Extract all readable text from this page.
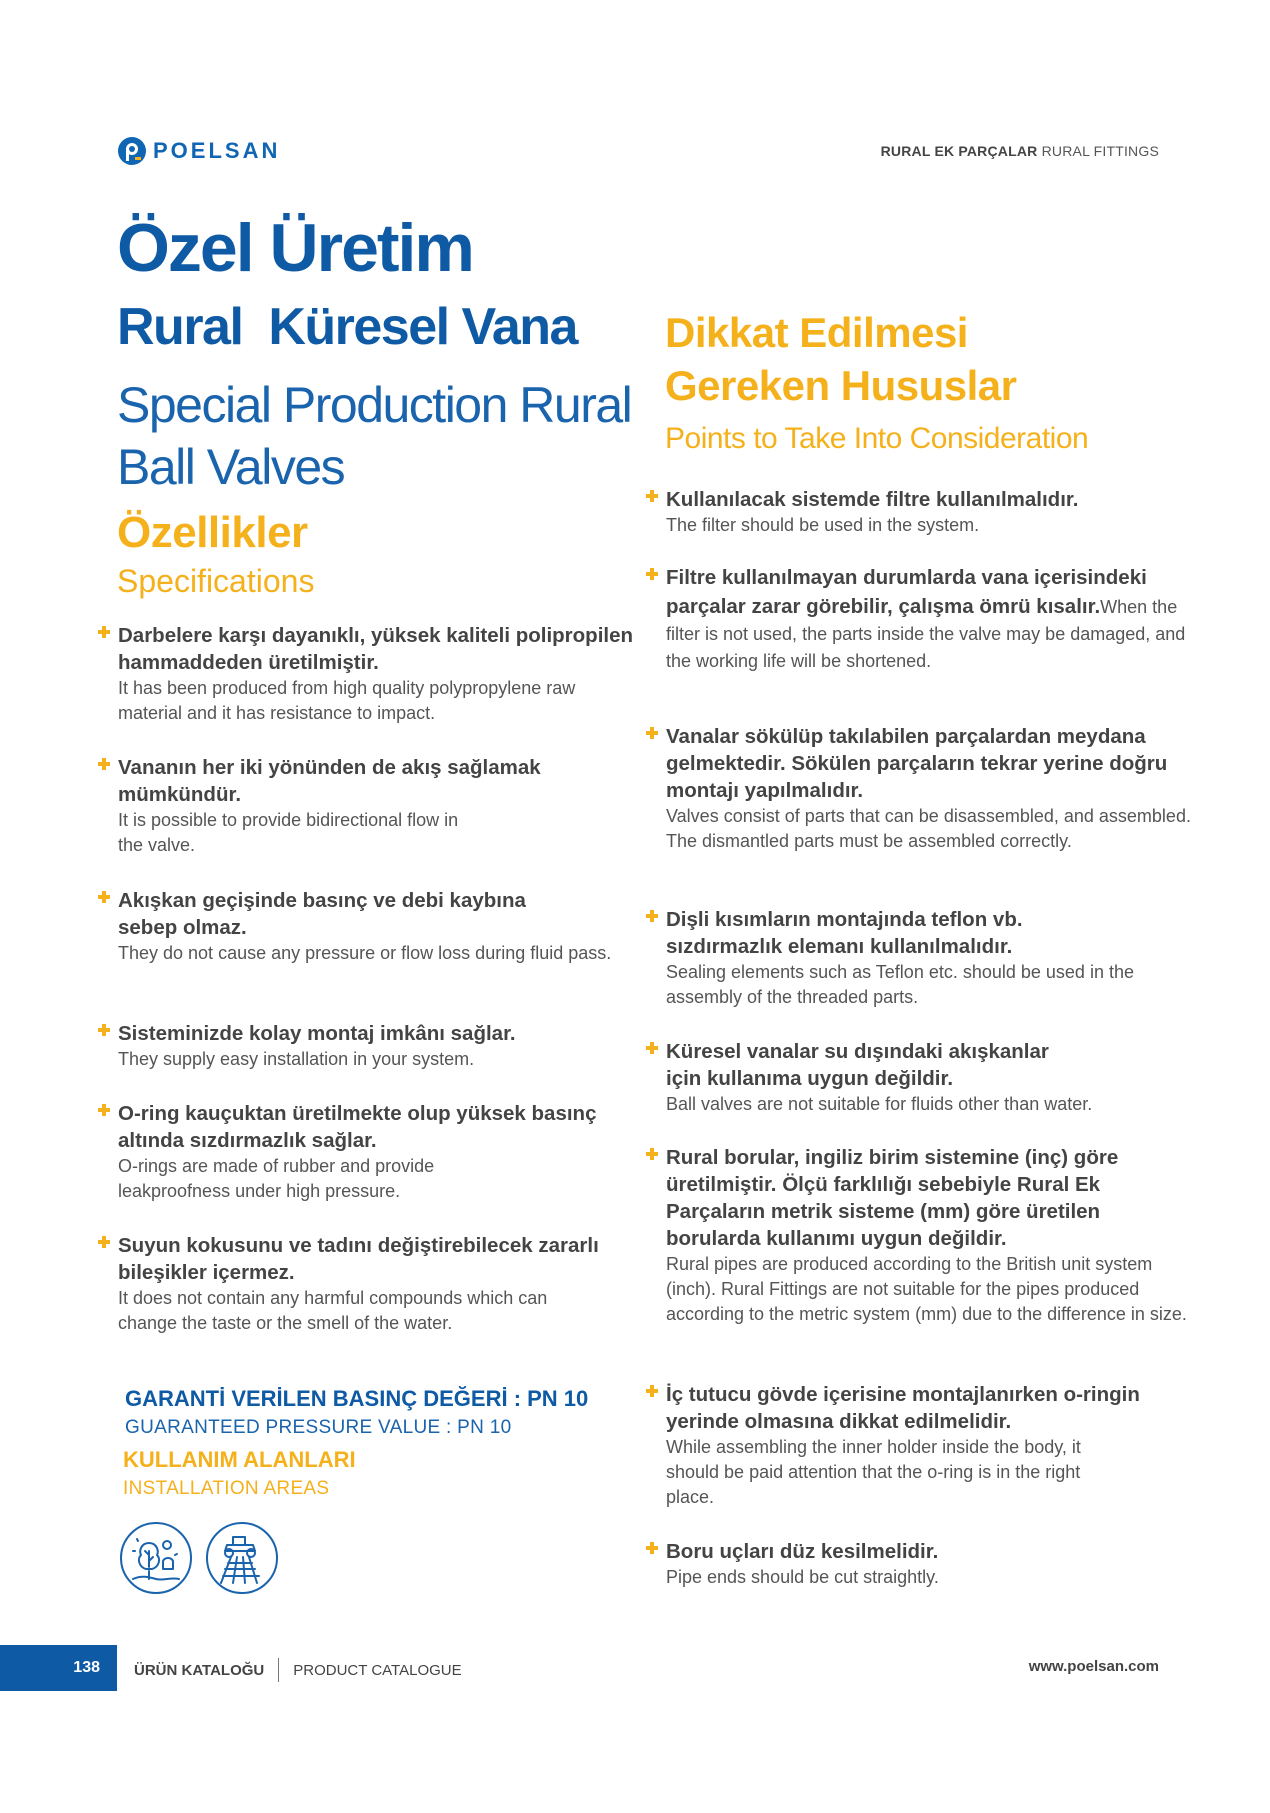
POELSAN	RURAL EK PARÇALAR RURAL FITTINGS
Özel Üretim
Rural  Küresel Vana
Special Production Rural Ball Valves
Özellikler
Specifications
Dikkat Edilmesi Gereken Hususlar
Points to Take Into Consideration
Darbelere karşı dayanıklı, yüksek kaliteli polipropilen hammaddeden üretilmiştir.
It has been produced from high quality polypropylene raw material and it has resistance to impact.
Vananın her iki yönünden de akış sağlamak mümkündür.
It is possible to provide bidirectional flow in the valve.
Akışkan geçişinde basınç ve debi kaybına sebep olmaz.
They do not cause any pressure or flow loss during fluid pass.
Sisteminizde kolay montaj imkânı sağlar.
They supply easy installation in your system.
O-ring kauçuktan üretilmekte olup yüksek basınç altında sızdırmazlık sağlar.
O-rings are made of rubber and provide leakproofness under high pressure.
Suyun kokusunu ve tadını değiştirebilecek zararlı bileşikler içermez.
It does not contain any harmful compounds which can change the taste or the smell of the water.
Kullanılacak sistemde filtre kullanılmalıdır.
The filter should be used in the system.
Filtre kullanılmayan durumlarda vana içerisindeki parçalar zarar görebilir, çalışma ömrü kısalır.When the filter is not used, the parts inside the valve may be damaged, and the working life will be shortened.
Vanalar sökülüp takılabilen parçalardan meydana gelmektedir. Sökülen parçaların tekrar yerine doğru montajı yapılmalıdır.
Valves consist of parts that can be disassembled, and assembled. The dismantled parts must be assembled correctly.
Dişli kısımların montajında teflon vb. sızdırmazlık elemanı kullanılmalıdır.
Sealing elements such as Teflon etc. should be used in the assembly of the threaded parts.
Küresel vanalar su dışındaki akışkanlar için kullanıma uygun değildir.
Ball valves are not suitable for fluids other than water.
Rural borular, ingiliz birim sistemine (inç) göre üretilmiştir. Ölçü farklılığı sebebiyle Rural Ek Parçaların metrik sisteme (mm) göre üretilen borularda kullanımı uygun değildir.
Rural pipes are produced according to the British unit system (inch). Rural Fittings are not suitable for the pipes produced according to the metric system (mm) due to the difference in size.
İç tutucu gövde içerisine montajlanırken o-ringin yerinde olmasına dikkat edilmelidir.
While assembling the inner holder inside the body, it should be paid attention that the o-ring is in the right place.
Boru uçları düz kesilmelidir.
Pipe ends should be cut straightly.
GARANTİ VERİLEN BASINÇ DEĞERİ : PN 10
GUARANTEED PRESSURE VALUE : PN 10
KULLANIM ALANLARI
INSTALLATION AREAS
138	ÜRÜN KATALOĞU PRODUCT CATALOGUE	www.poelsan.com
